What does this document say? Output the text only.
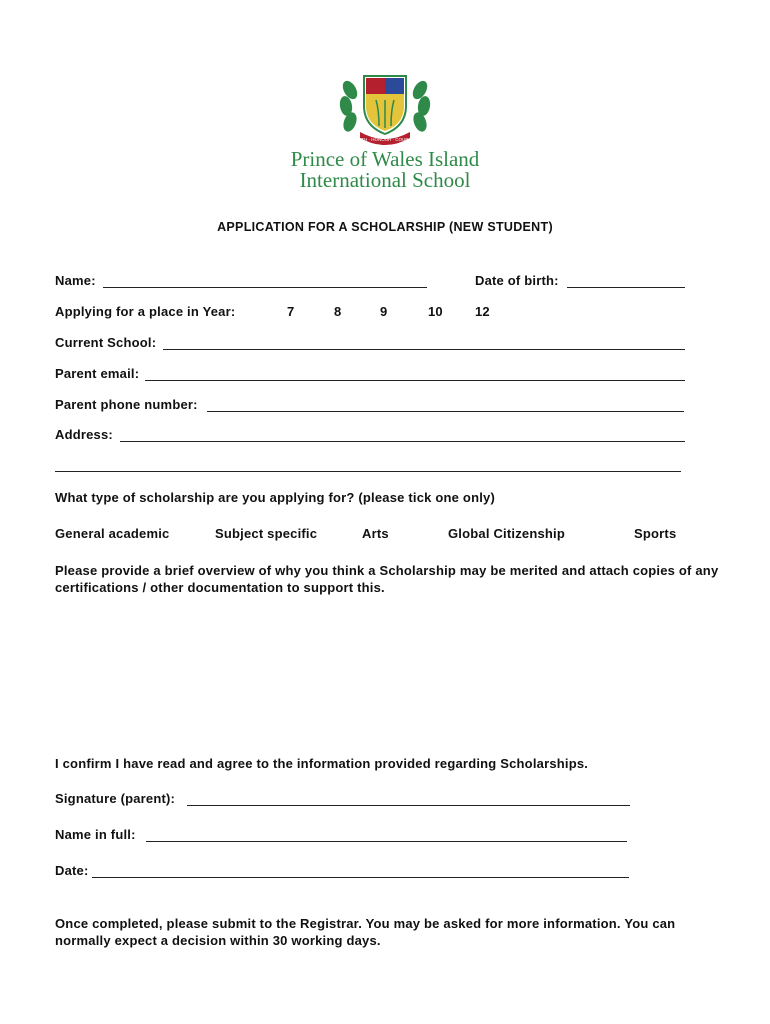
TRUTH · HONOUR · COURAGE
Prince of Wales Island
International School
APPLICATION FOR A SCHOLARSHIP (NEW STUDENT)
Name:	Date of birth:
Applying for a place in Year:	7	8	9	10 12
Current School:
Parent email:
Parent phone number:
Address:
What type of scholarship are you applying for? (please tick one only)
General academic	Subject specific	Arts	Global Citizenship	Sports
Please provide a brief overview of why you think a Scholarship may be merited and attach copies of any certifications / other documentation to support this.
I confirm I have read and agree to the information provided regarding Scholarships.
Signature (parent):
Name in full:
Date:
Once completed, please submit to the Registrar. You may be asked for more information. You can normally expect a decision within 30 working days.
